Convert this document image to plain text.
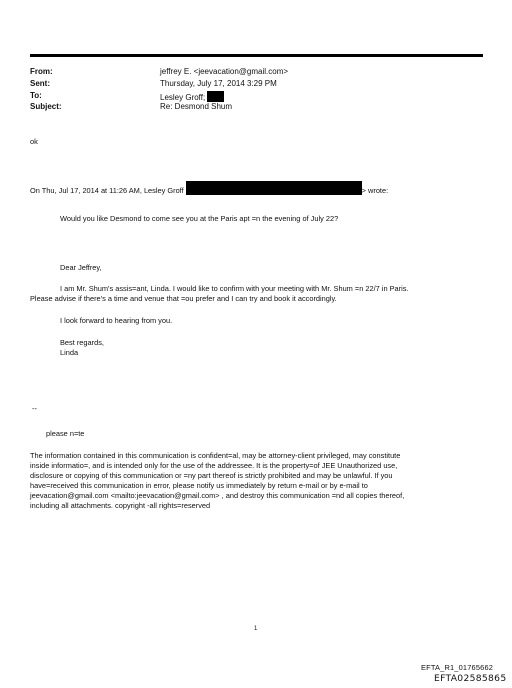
From:	jeffrey E. <jeevacation@gmail.com>
Sent:	Thursday, July 17, 2014 3:29 PM
To:	Lesley Groff;
Subject:	Re: Desmond Shum
ok
On Thu, Jul 17, 2014 at 11:26 AM, Lesley Groff	> wrote:
Would you like Desmond to come see you at the Paris apt =n the evening of July 22?
Dear Jeffrey,
I am Mr. Shum's assis=ant, Linda. I would like to confirm with your meeting with Mr. Shum =n 22/7 in Paris.
Please advise if there's a time and venue that =ou prefer and I can try and book it accordingly.
I look forward to hearing from you.
Best regards,
Linda
--
please n=te
The information contained in this communication is confident=al, may be attorney-client privileged, may constitute
inside informatio=, and is intended only for the use of the addressee. It is the property=of JEE Unauthorized use,
disclosure or copying of this communication or =ny part thereof is strictly prohibited and may be unlawful. If you
have=received this communication in error, please notify us immediately by return e-mail or by e-mail to
jeevacation@gmail.com <mailto:jeevacation@gmail.com> , and destroy this communication =nd all copies thereof,
including all attachments. copyright -all rights=reserved
1
EFTA_R1_01765662
EFTA02585865
